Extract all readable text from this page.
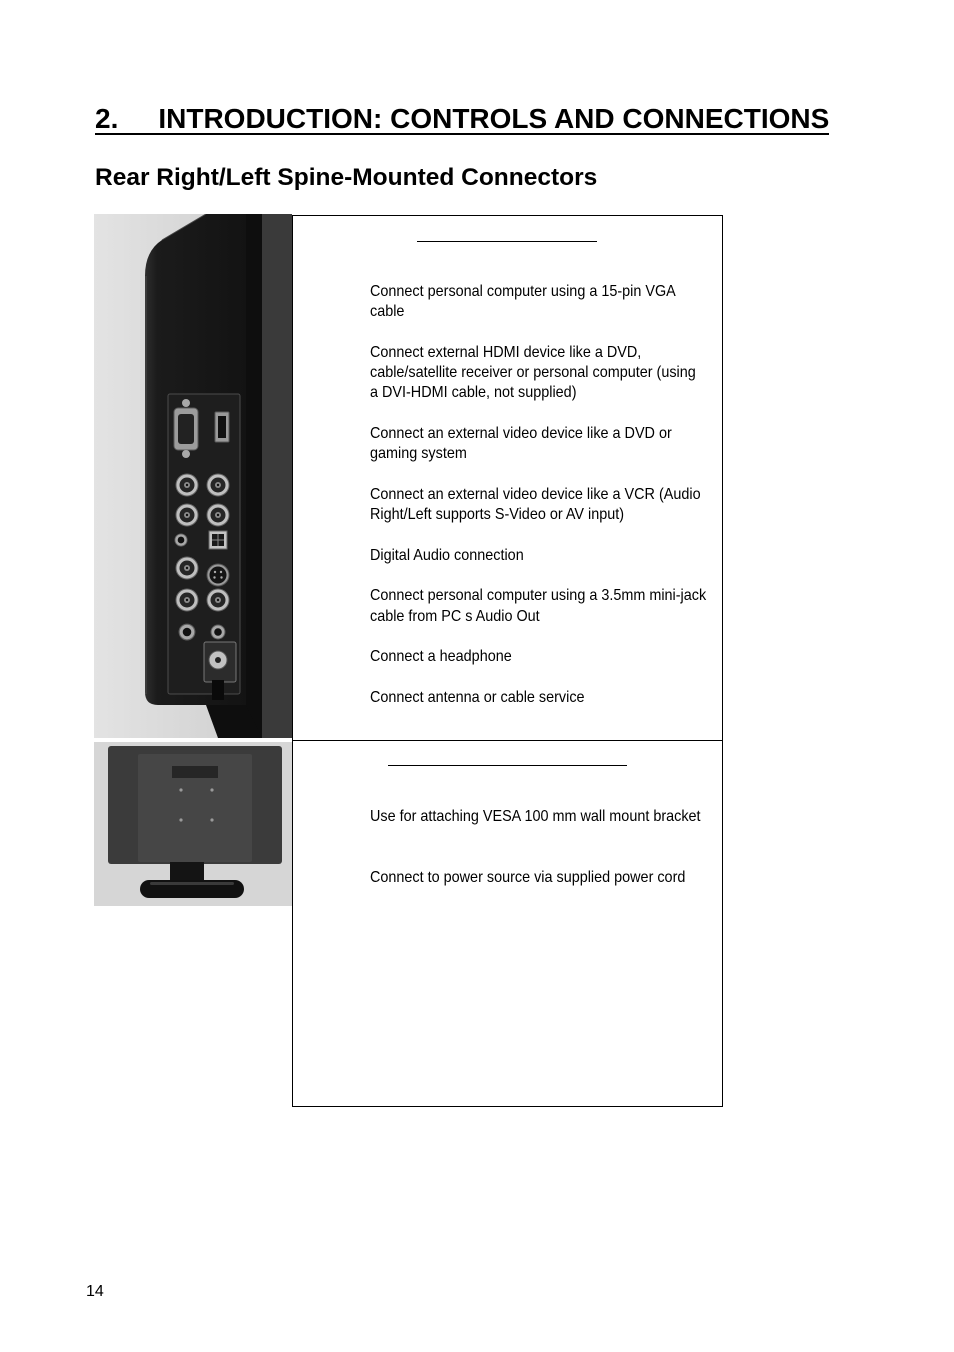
2. INTRODUCTION: CONTROLS AND CONNECTIONS
Rear Right/Left Spine-Mounted Connectors
Connect personal computer using a 15-pin VGA
cable
Connect external HDMI device like a DVD,
cable/satellite receiver or personal computer (using
a DVI-HDMI cable, not supplied)
Connect an external video device like a DVD or
gaming system
Connect an external video device like a VCR (Audio
Right/Left supports S-Video or AV input)
Digital Audio connection
Connect personal computer using a 3.5mm mini-jack
cable from PC s Audio Out
Connect a headphone
Connect antenna or cable service
Use for attaching VESA 100 mm wall mount bracket
Connect to power source via supplied power cord
14
